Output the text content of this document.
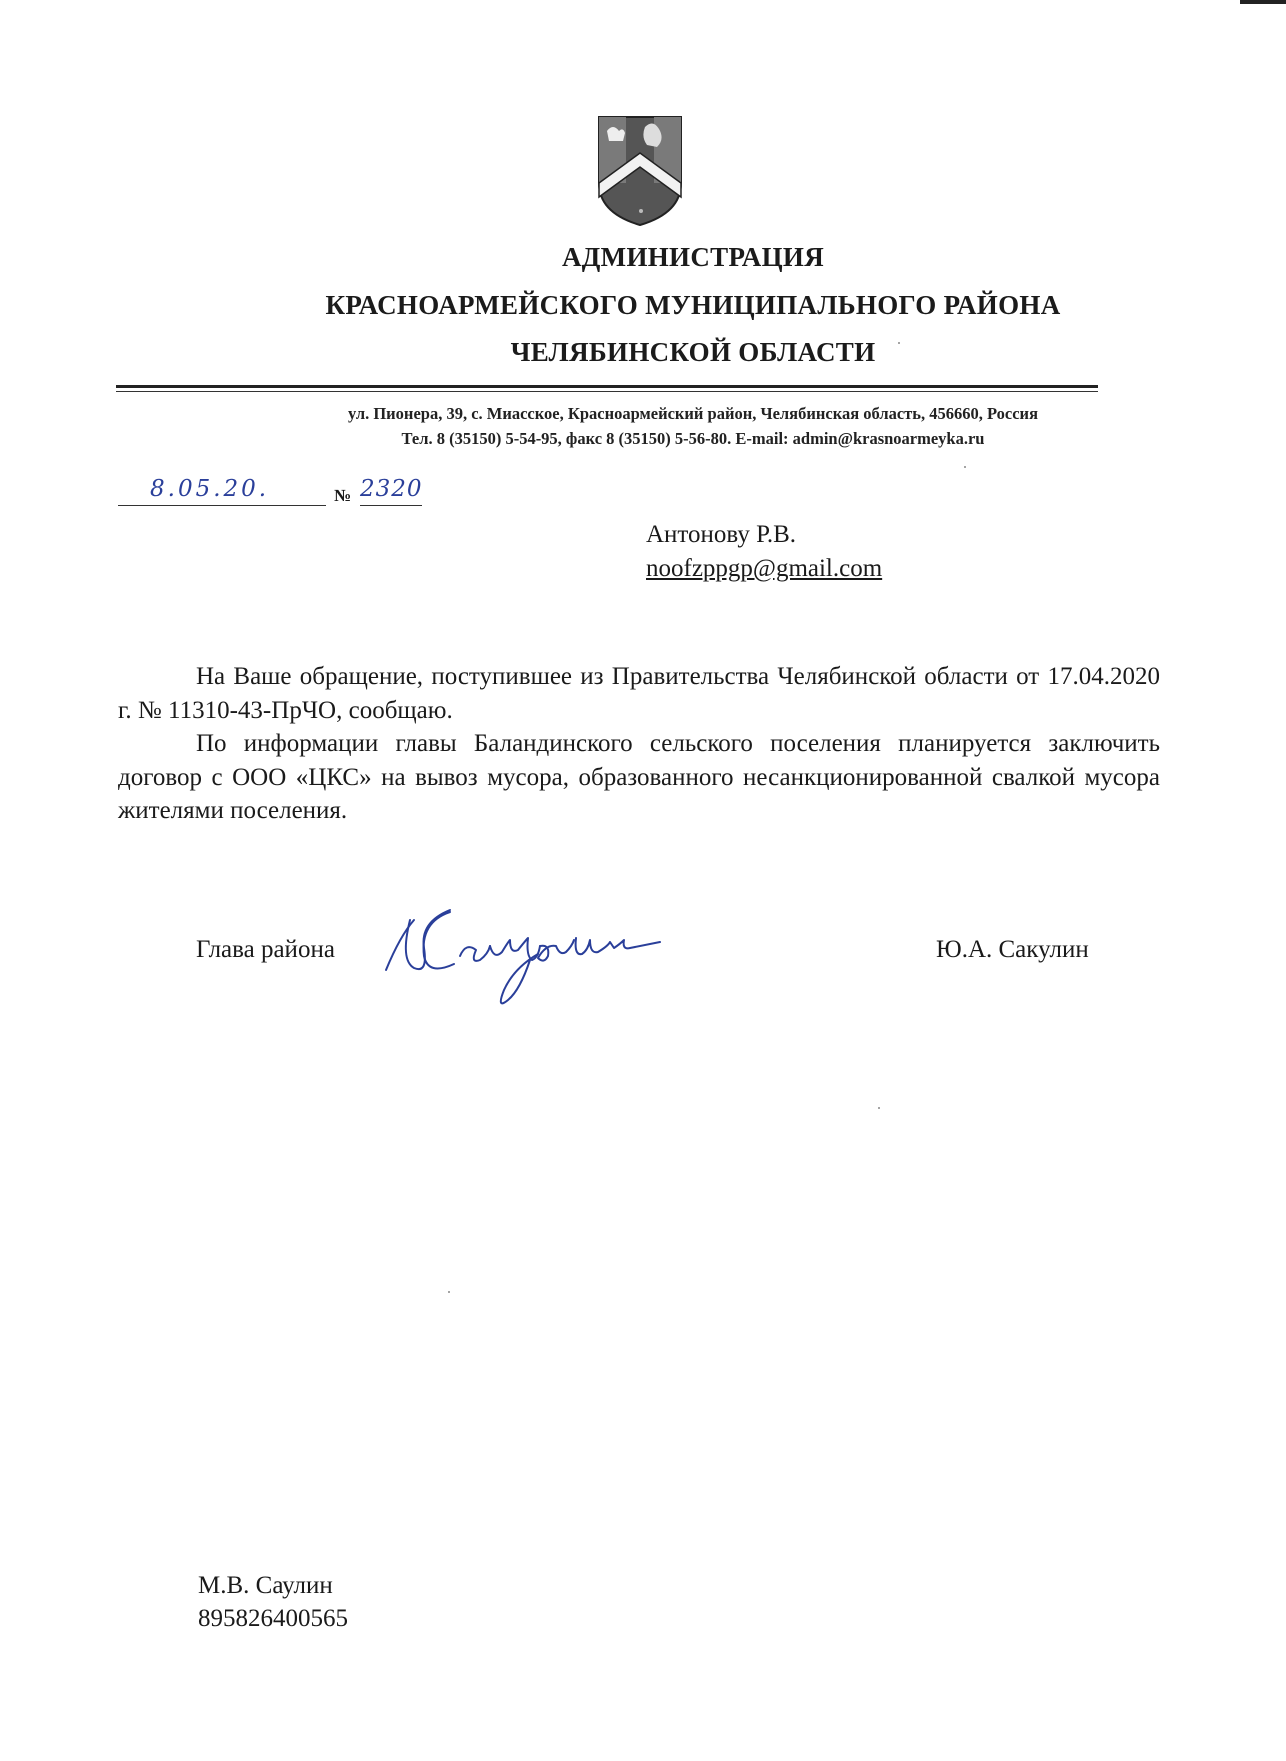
АДМИНИСТРАЦИЯ
КРАСНОАРМЕЙСКОГО МУНИЦИПАЛЬНОГО РАЙОНА
ЧЕЛЯБИНСКОЙ ОБЛАСТИ
ул. Пионера, 39, с. Миасское, Красноармейский район, Челябинская область, 456660, Россия
Тел. 8 (35150) 5-54-95, факс 8 (35150) 5-56-80. E-mail: admin@krasnoarmeyka.ru
8.05.20.	№ 2320
Антонову Р.В.
noofzppgp@gmail.com
На Ваше обращение, поступившее из Правительства Челябинской области от 17.04.2020 г. № 11310-43-ПрЧО, сообщаю.
По информации главы Баландинского сельского поселения планируется заключить договор с ООО «ЦКС» на вывоз мусора, образованного несанкционированной свалкой мусора жителями поселения.
Глава района	Ю.А. Сакулин
М.В. Саулин
895826400565
